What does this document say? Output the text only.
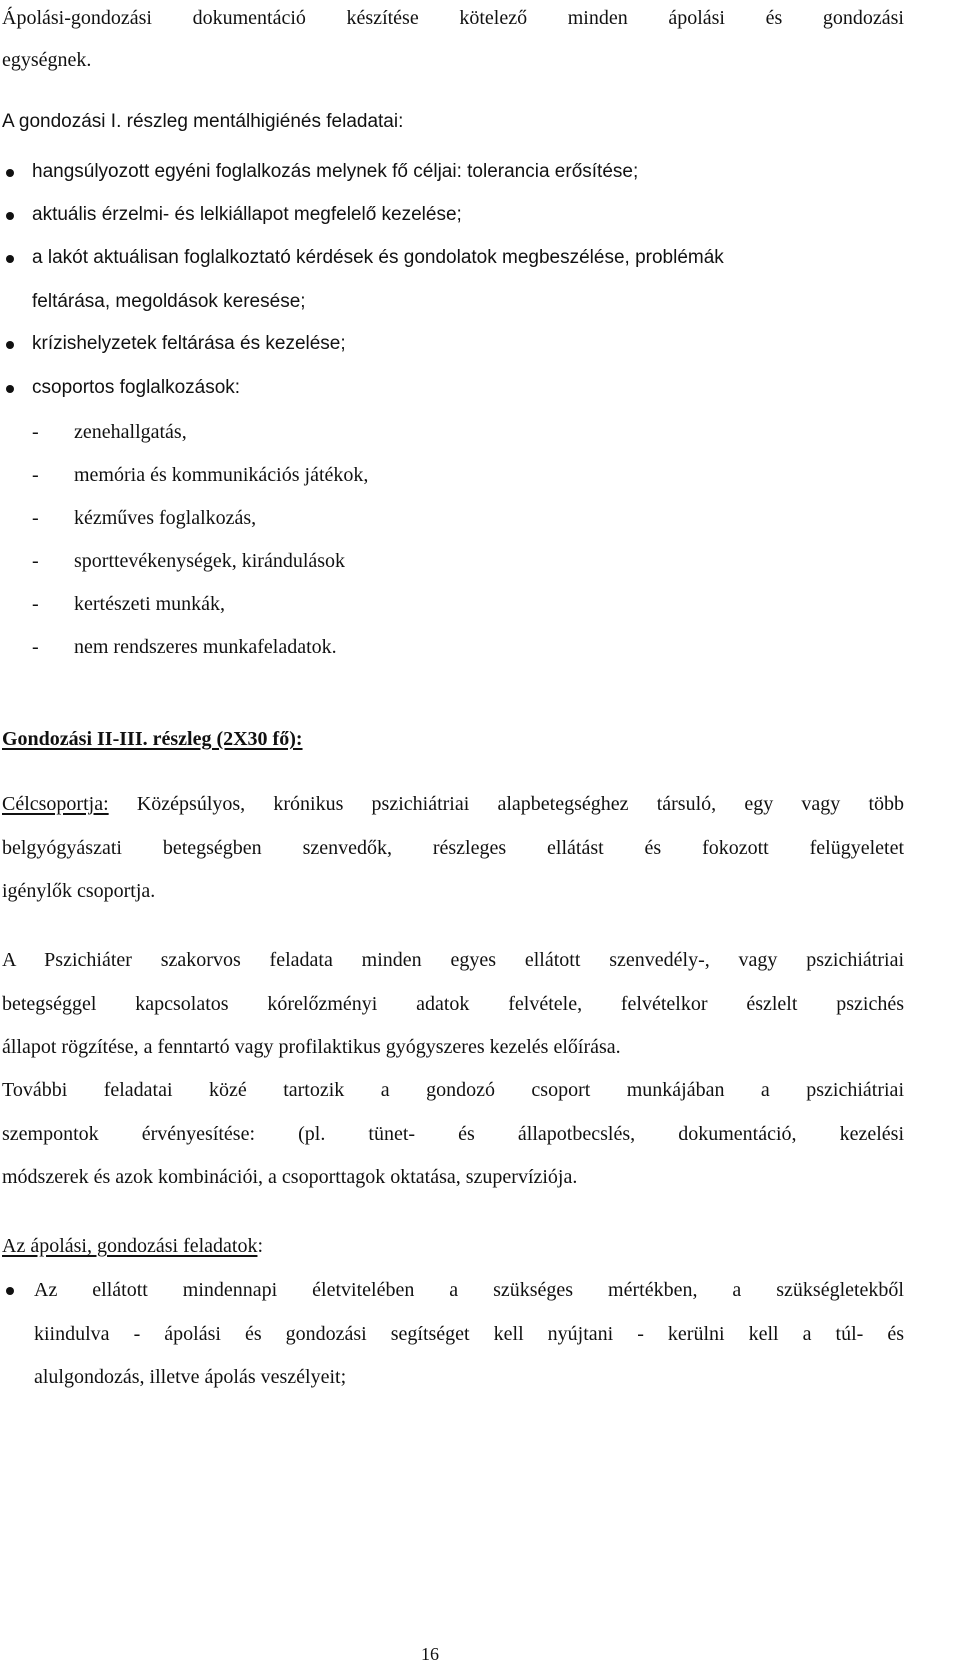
Ápolási-gondozási dokumentáció készítése kötelező minden ápolási és gondozási
egységnek.
A gondozási I. részleg mentálhigiénés feladatai:
hangsúlyozott egyéni foglalkozás melynek fő céljai: tolerancia erősítése;
aktuális érzelmi- és lelkiállapot megfelelő kezelése;
a lakót aktuálisan foglalkoztató kérdések és gondolatok megbeszélése, problémák
feltárása, megoldások keresése;
krízishelyzetek feltárása és kezelése;
csoportos foglalkozások:
- zenehallgatás,
- memória és kommunikációs játékok,
- kézműves foglalkozás,
- sporttevékenységek, kirándulások
- kertészeti munkák,
- nem rendszeres munkafeladatok.
Gondozási II-III. részleg (2X30 fő):
Célcsoportja: Középsúlyos, krónikus pszichiátriai alapbetegséghez társuló, egy vagy több
belgyógyászati betegségben szenvedők, részleges ellátást és fokozott felügyeletet
igénylők csoportja.
A Pszichiáter szakorvos feladata minden egyes ellátott szenvedély-, vagy pszichiátriai
betegséggel kapcsolatos kórelőzményi adatok felvétele, felvételkor észlelt pszichés
állapot rögzítése, a fenntartó vagy profilaktikus gyógyszeres kezelés előírása.
További feladatai közé tartozik a gondozó csoport munkájában a pszichiátriai
szempontok érvényesítése: (pl. tünet- és állapotbecslés, dokumentáció, kezelési
módszerek és azok kombinációi, a csoporttagok oktatása, szupervíziója.
Az ápolási, gondozási feladatok:
Az ellátott mindennapi életvitelében a szükséges mértékben, a szükségletekből
kiindulva - ápolási és gondozási segítséget kell nyújtani - kerülni kell a túl- és
alulgondozás, illetve ápolás veszélyeit;
16
